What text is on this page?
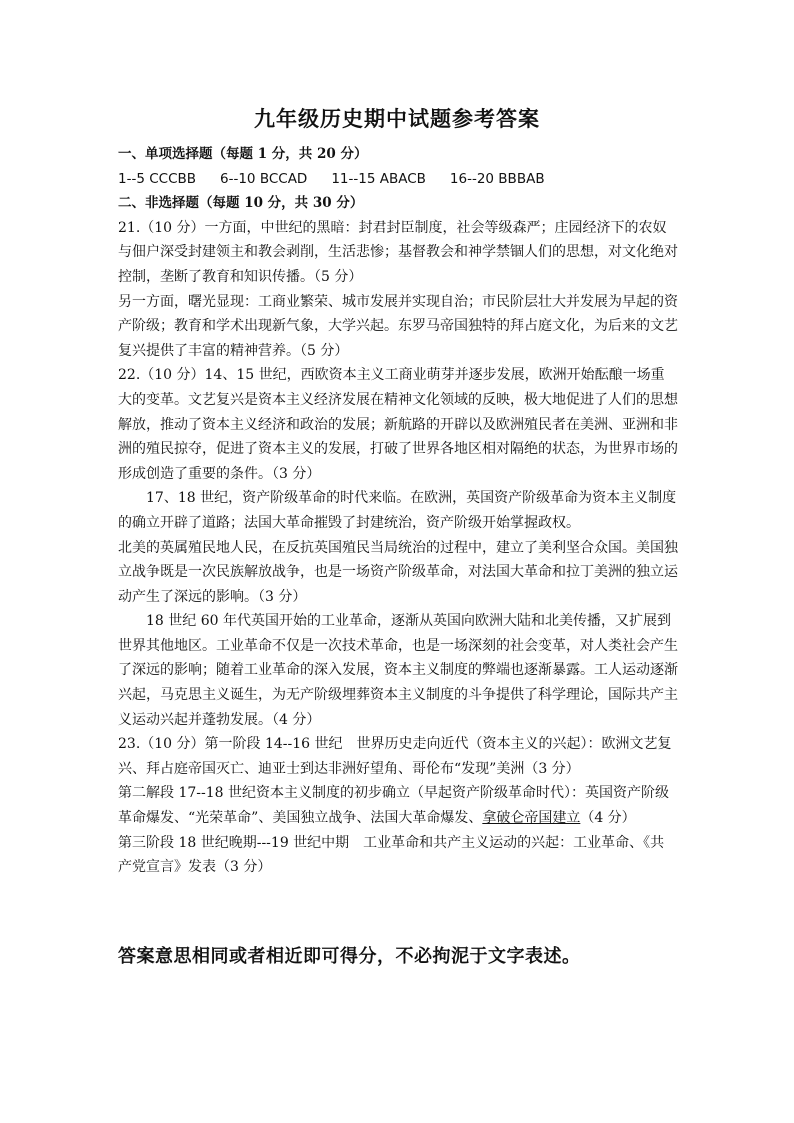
九年级历史期中试题参考答案

一、单项选择题（每题 1 分，共 20 分）

1--5 CCCBB 6--10 BCCAD 11--15 ABACB 16--20 BBBAB

二、非选择题（每题 10 分，共 30 分）

21.（10 分）一方面，中世纪的黑暗：封君封臣制度，社会等级森严；庄园经济下的农奴与佃户深受封建领主和教会剥削，生活悲惨；基督教会和神学禁锢人们的思想，对文化绝对控制，垄断了教育和知识传播。（5 分）

另一方面，曙光显现：工商业繁荣、城市发展并实现自治；市民阶层壮大并发展为早起的资产阶级；教育和学术出现新气象，大学兴起。东罗马帝国独特的拜占庭文化，为后来的文艺复兴提供了丰富的精神营养。（5 分）

22.（10 分）14、15 世纪，西欧资本主义工商业萌芽并逐步发展，欧洲开始酝酿一场重大的变革。文艺复兴是资本主义经济发展在精神文化领域的反映，极大地促进了人们的思想解放，推动了资本主义经济和政治的发展；新航路的开辟以及欧洲殖民者在美洲、亚洲和非洲的殖民掠夺，促进了资本主义的发展，打破了世界各地区相对隔绝的状态，为世界市场的形成创造了重要的条件。（3 分）

17、18 世纪，资产阶级革命的时代来临。在欧洲，英国资产阶级革命为资本主义制度的确立开辟了道路；法国大革命摧毁了封建统治，资产阶级开始掌握政权。

北美的英属殖民地人民，在反抗英国殖民当局统治的过程中，建立了美利坚合众国。美国独立战争既是一次民族解放战争，也是一场资产阶级革命，对法国大革命和拉丁美洲的独立运动产生了深远的影响。（3 分）

18 世纪 60 年代英国开始的工业革命，逐渐从英国向欧洲大陆和北美传播，又扩展到世界其他地区。工业革命不仅是一次技术革命，也是一场深刻的社会变革，对人类社会产生了深远的影响；随着工业革命的深入发展，资本主义制度的弊端也逐渐暴露。工人运动逐渐兴起，马克思主义诞生，为无产阶级埋葬资本主义制度的斗争提供了科学理论，国际共产主义运动兴起并蓬勃发展。（4 分）

23.（10 分）第一阶段 14--16 世纪　世界历史走向近代（资本主义的兴起）：欧洲文艺复兴、拜占庭帝国灭亡、迪亚士到达非洲好望角、哥伦布“发现”美洲（3 分）

第二解段 17--18 世纪资本主义制度的初步确立（早起资产阶级革命时代）：英国资产阶级革命爆发、“光荣革命”、美国独立战争、法国大革命爆发、拿破仑帝国建立（4 分）

第三阶段 18 世纪晚期---19 世纪中期　工业革命和共产主义运动的兴起：工业革命、《共产党宣言》发表（3 分）

答案意思相同或者相近即可得分，不必拘泥于文字表述。
